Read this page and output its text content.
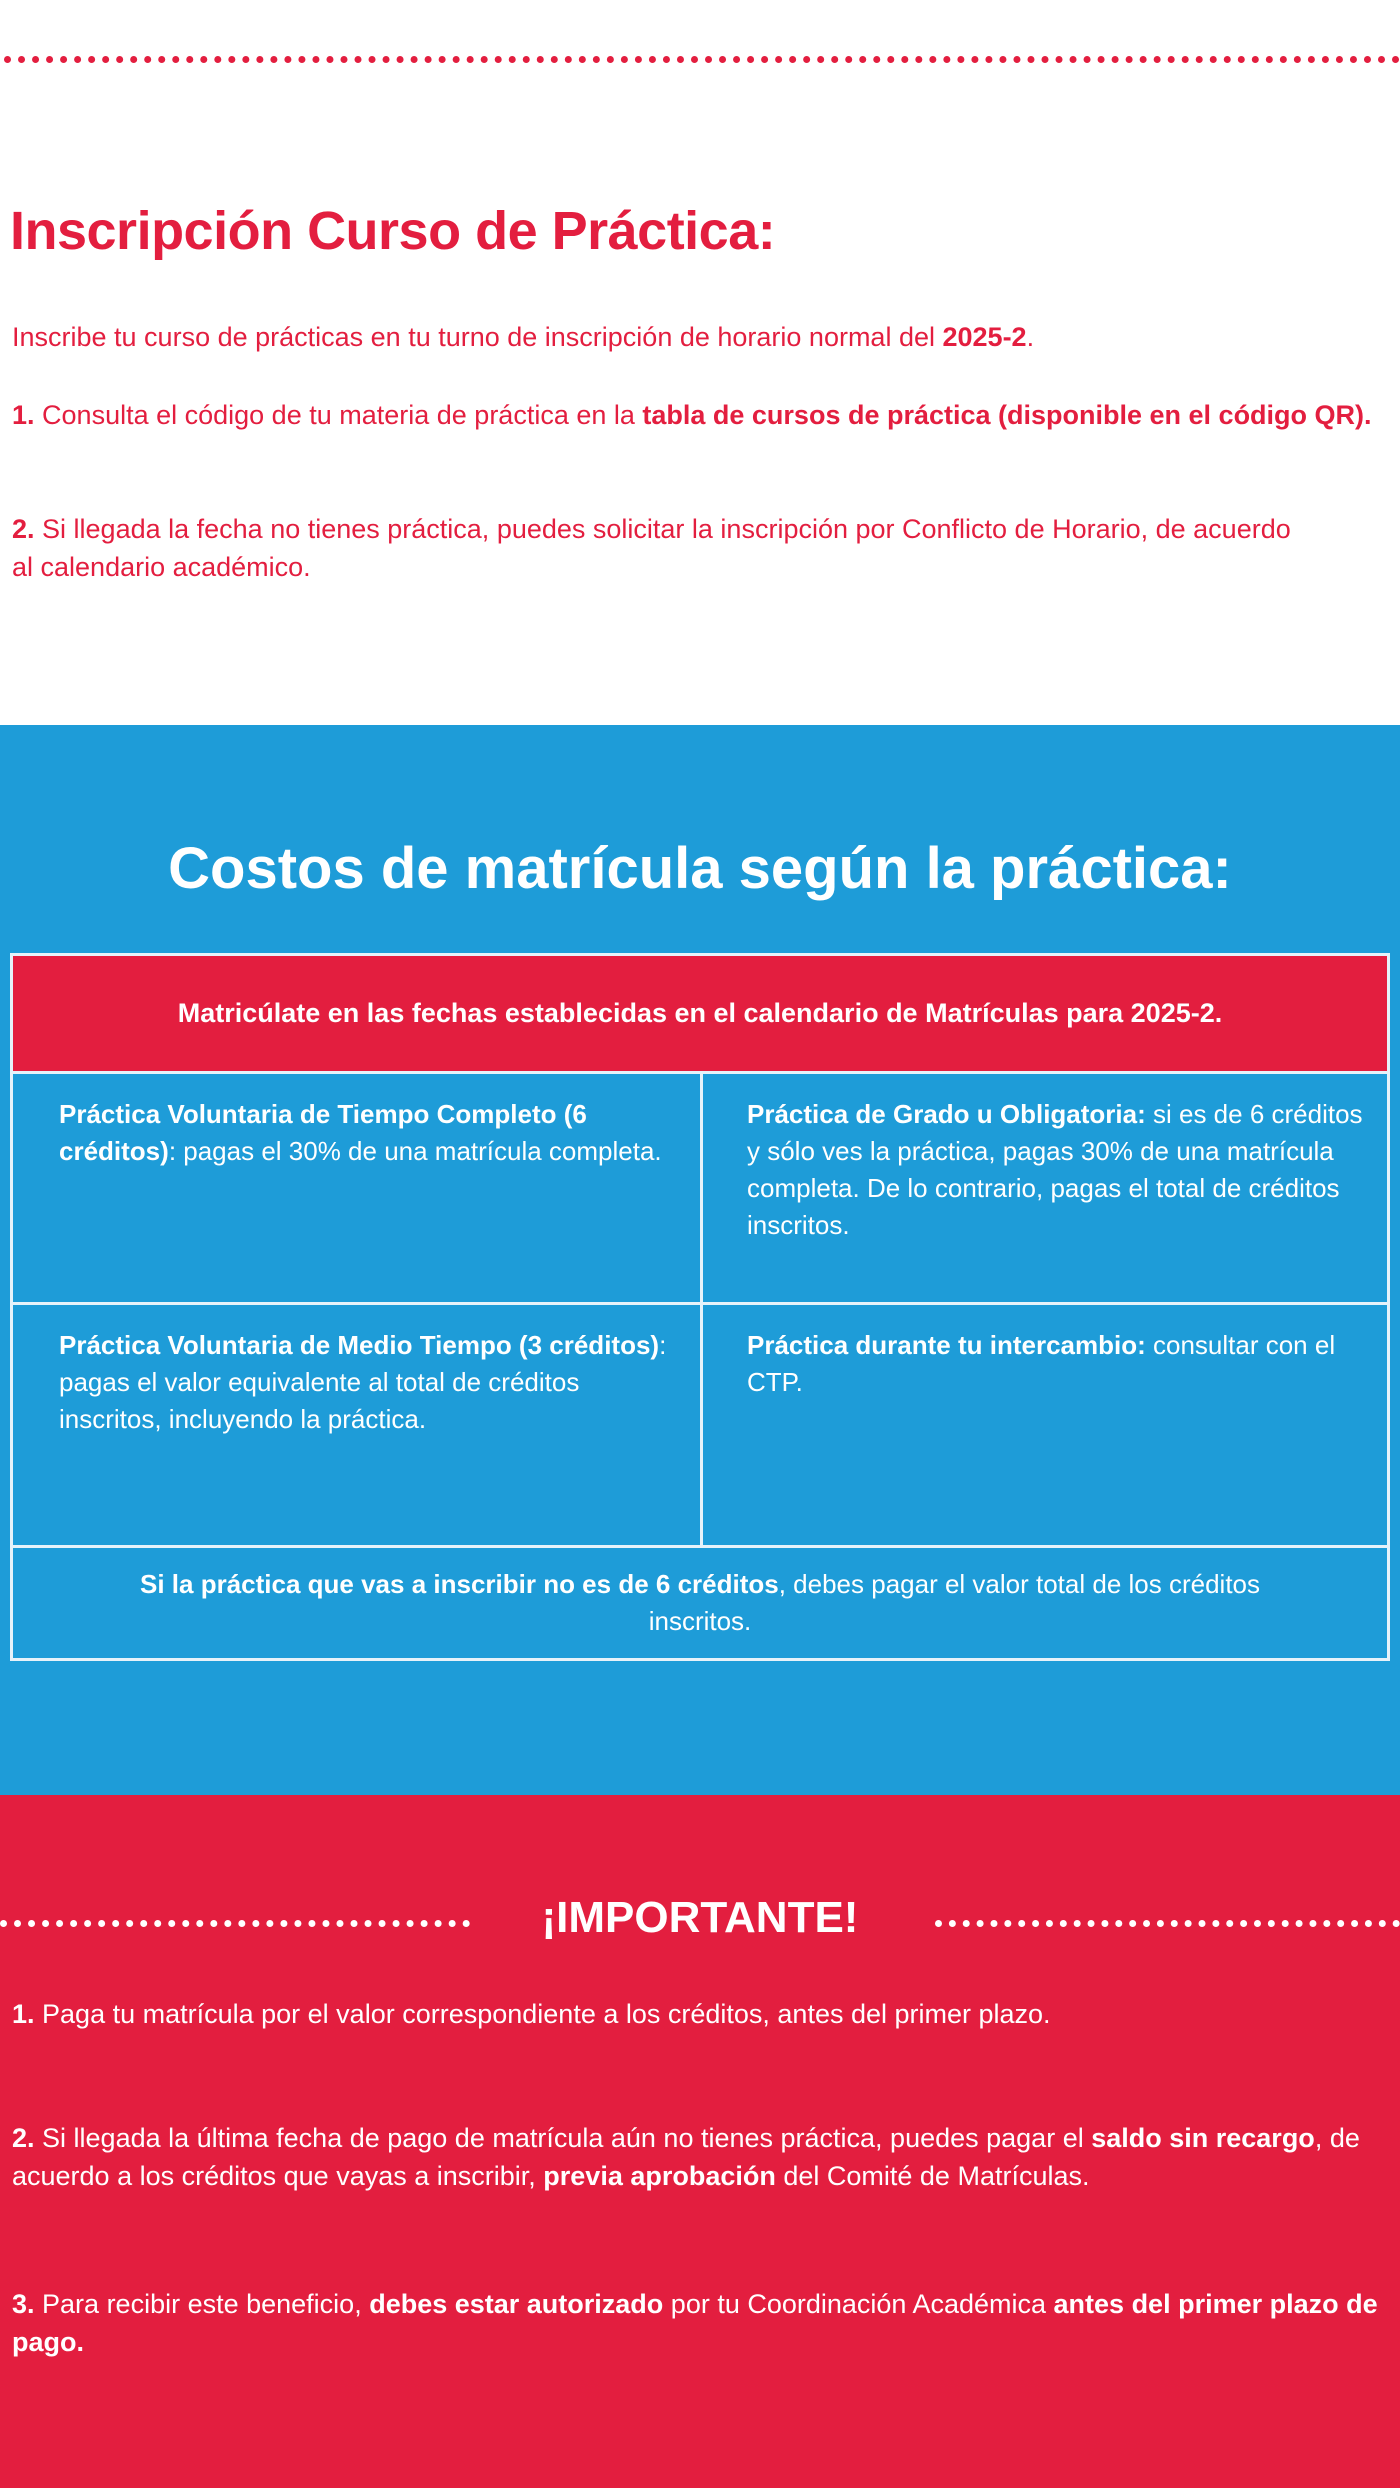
Inscripción Curso de Práctica:

Inscribe tu curso de prácticas en tu turno de inscripción de horario normal del 2025-2.

1. Consulta el código de tu materia de práctica en la tabla de cursos de práctica (disponible en el código QR).

2. Si llegada la fecha no tienes práctica, puedes solicitar la inscripción por Conflicto de Horario, de acuerdo al calendario académico.

Costos de matrícula según la práctica:
Matricúlate en las fechas establecidas en el calendario de Matrículas para 2025-2.
Práctica Voluntaria de Tiempo Completo (6 créditos): pagas el 30% de una matrícula completa.
Práctica de Grado u Obligatoria: si es de 6 créditos y sólo ves la práctica, pagas 30% de una matrícula completa. De lo contrario, pagas el total de créditos inscritos.
Práctica Voluntaria de Medio Tiempo (3 créditos): pagas el valor equivalente al total de créditos inscritos, incluyendo la práctica.
Práctica durante tu intercambio: consultar con el CTP.
Si la práctica que vas a inscribir no es de 6 créditos, debes pagar el valor total de los créditos inscritos.
¡IMPORTANTE!

1. Paga tu matrícula por el valor correspondiente a los créditos, antes del primer plazo.

2. Si llegada la última fecha de pago de matrícula aún no tienes práctica, puedes pagar el saldo sin recargo, de acuerdo a los créditos que vayas a inscribir, previa aprobación del Comité de Matrículas.

3. Para recibir este beneficio, debes estar autorizado por tu Coordinación Académica antes del primer plazo de pago.
